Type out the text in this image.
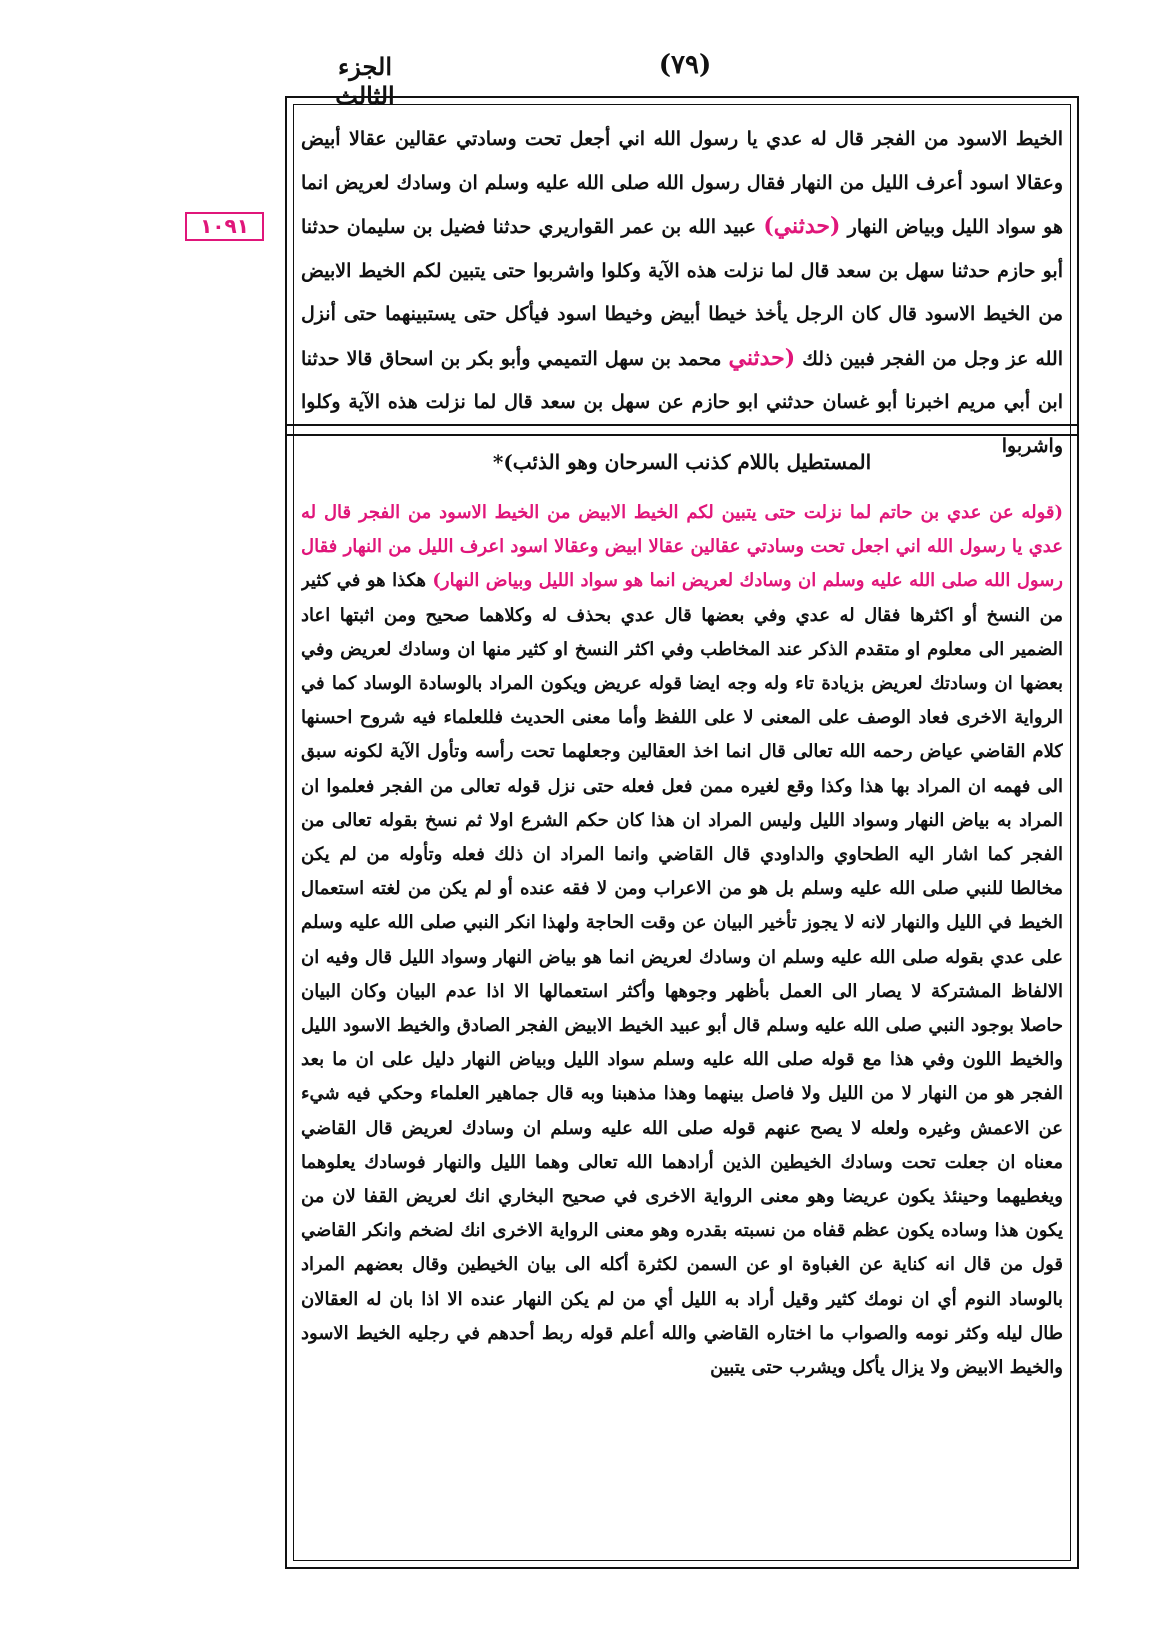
الجزء الثالث
(٧٩)
١٠٩١
الخيط الاسود من الفجر قال له عدي يا رسول الله اني أجعل تحت وسادتي عقالين عقالا أبيض وعقالا اسود أعرف الليل من النهار فقال رسول الله صلى الله عليه وسلم ان وسادك لعريض انما هو سواد الليل وبياض النهار (حدثني) عبيد الله بن عمر القواريري حدثنا فضيل بن سليمان حدثنا أبو حازم حدثنا سهل بن سعد قال لما نزلت هذه الآية وكلوا واشربوا حتى يتبين لكم الخيط الابيض من الخيط الاسود قال كان الرجل يأخذ خيطا أبيض وخيطا اسود فيأكل حتى يستبينهما حتى أنزل الله عز وجل من الفجر فبين ذلك (حدثني محمد بن سهل التميمي وأبو بكر بن اسحاق قالا حدثنا ابن أبي مريم اخبرنا أبو غسان حدثني ابو حازم عن سهل بن سعد قال لما نزلت هذه الآية وكلوا واشربوا
المستطيل باللام كذنب السرحان وهو الذئب)*
(قوله عن عدي بن حاتم لما نزلت حتى يتبين لكم الخيط الابيض من الخيط الاسود من الفجر قال له عدي يا رسول الله اني اجعل تحت وسادتي عقالين عقالا ابيض وعقالا اسود اعرف الليل من النهار فقال رسول الله صلى الله عليه وسلم ان وسادك لعريض انما هو سواد الليل وبياض النهار) هكذا هو في كثير من النسخ أو اكثرها فقال له عدي وفي بعضها قال عدي بحذف له وكلاهما صحيح ومن اثبتها اعاد الضمير الى معلوم او متقدم الذكر عند المخاطب وفي اكثر النسخ او كثير منها ان وسادك لعريض وفي بعضها ان وسادتك لعريض بزيادة تاء وله وجه ايضا قوله عريض ويكون المراد بالوسادة الوساد كما في الرواية الاخرى فعاد الوصف على المعنى لا على اللفظ وأما معنى الحديث فللعلماء فيه شروح احسنها كلام القاضي عياض رحمه الله تعالى قال انما اخذ العقالين وجعلهما تحت رأسه وتأول الآية لكونه سبق الى فهمه ان المراد بها هذا وكذا وقع لغيره ممن فعل فعله حتى نزل قوله تعالى من الفجر فعلموا ان المراد به بياض النهار وسواد الليل وليس المراد ان هذا كان حكم الشرع اولا ثم نسخ بقوله تعالى من الفجر كما اشار اليه الطحاوي والداودي قال القاضي وانما المراد ان ذلك فعله وتأوله من لم يكن مخالطا للنبي صلى الله عليه وسلم بل هو من الاعراب ومن لا فقه عنده أو لم يكن من لغته استعمال الخيط في الليل والنهار لانه لا يجوز تأخير البيان عن وقت الحاجة ولهذا انكر النبي صلى الله عليه وسلم على عدي بقوله صلى الله عليه وسلم ان وسادك لعريض انما هو بياض النهار وسواد الليل قال وفيه ان الالفاظ المشتركة لا يصار الى العمل بأظهر وجوهها وأكثر استعمالها الا اذا عدم البيان وكان البيان حاصلا بوجود النبي صلى الله عليه وسلم قال أبو عبيد الخيط الابيض الفجر الصادق والخيط الاسود الليل والخيط اللون وفي هذا مع قوله صلى الله عليه وسلم سواد الليل وبياض النهار دليل على ان ما بعد الفجر هو من النهار لا من الليل ولا فاصل بينهما وهذا مذهبنا وبه قال جماهير العلماء وحكي فيه شيء عن الاعمش وغيره ولعله لا يصح عنهم قوله صلى الله عليه وسلم ان وسادك لعريض قال القاضي معناه ان جعلت تحت وسادك الخيطين الذين أرادهما الله تعالى وهما الليل والنهار فوسادك يعلوهما ويغطيهما وحينئذ يكون عريضا وهو معنى الرواية الاخرى في صحيح البخاري انك لعريض القفا لان من يكون هذا وساده يكون عظم قفاه من نسبته بقدره وهو معنى الرواية الاخرى انك لضخم وانكر القاضي قول من قال انه كناية عن الغباوة او عن السمن لكثرة أكله الى بيان الخيطين وقال بعضهم المراد بالوساد النوم أي ان نومك كثير وقيل أراد به الليل أي من لم يكن النهار عنده الا اذا بان له العقالان طال ليله وكثر نومه والصواب ما اختاره القاضي والله أعلم قوله ربط أحدهم في رجليه الخيط الاسود والخيط الابيض ولا يزال يأكل ويشرب حتى يتبين
